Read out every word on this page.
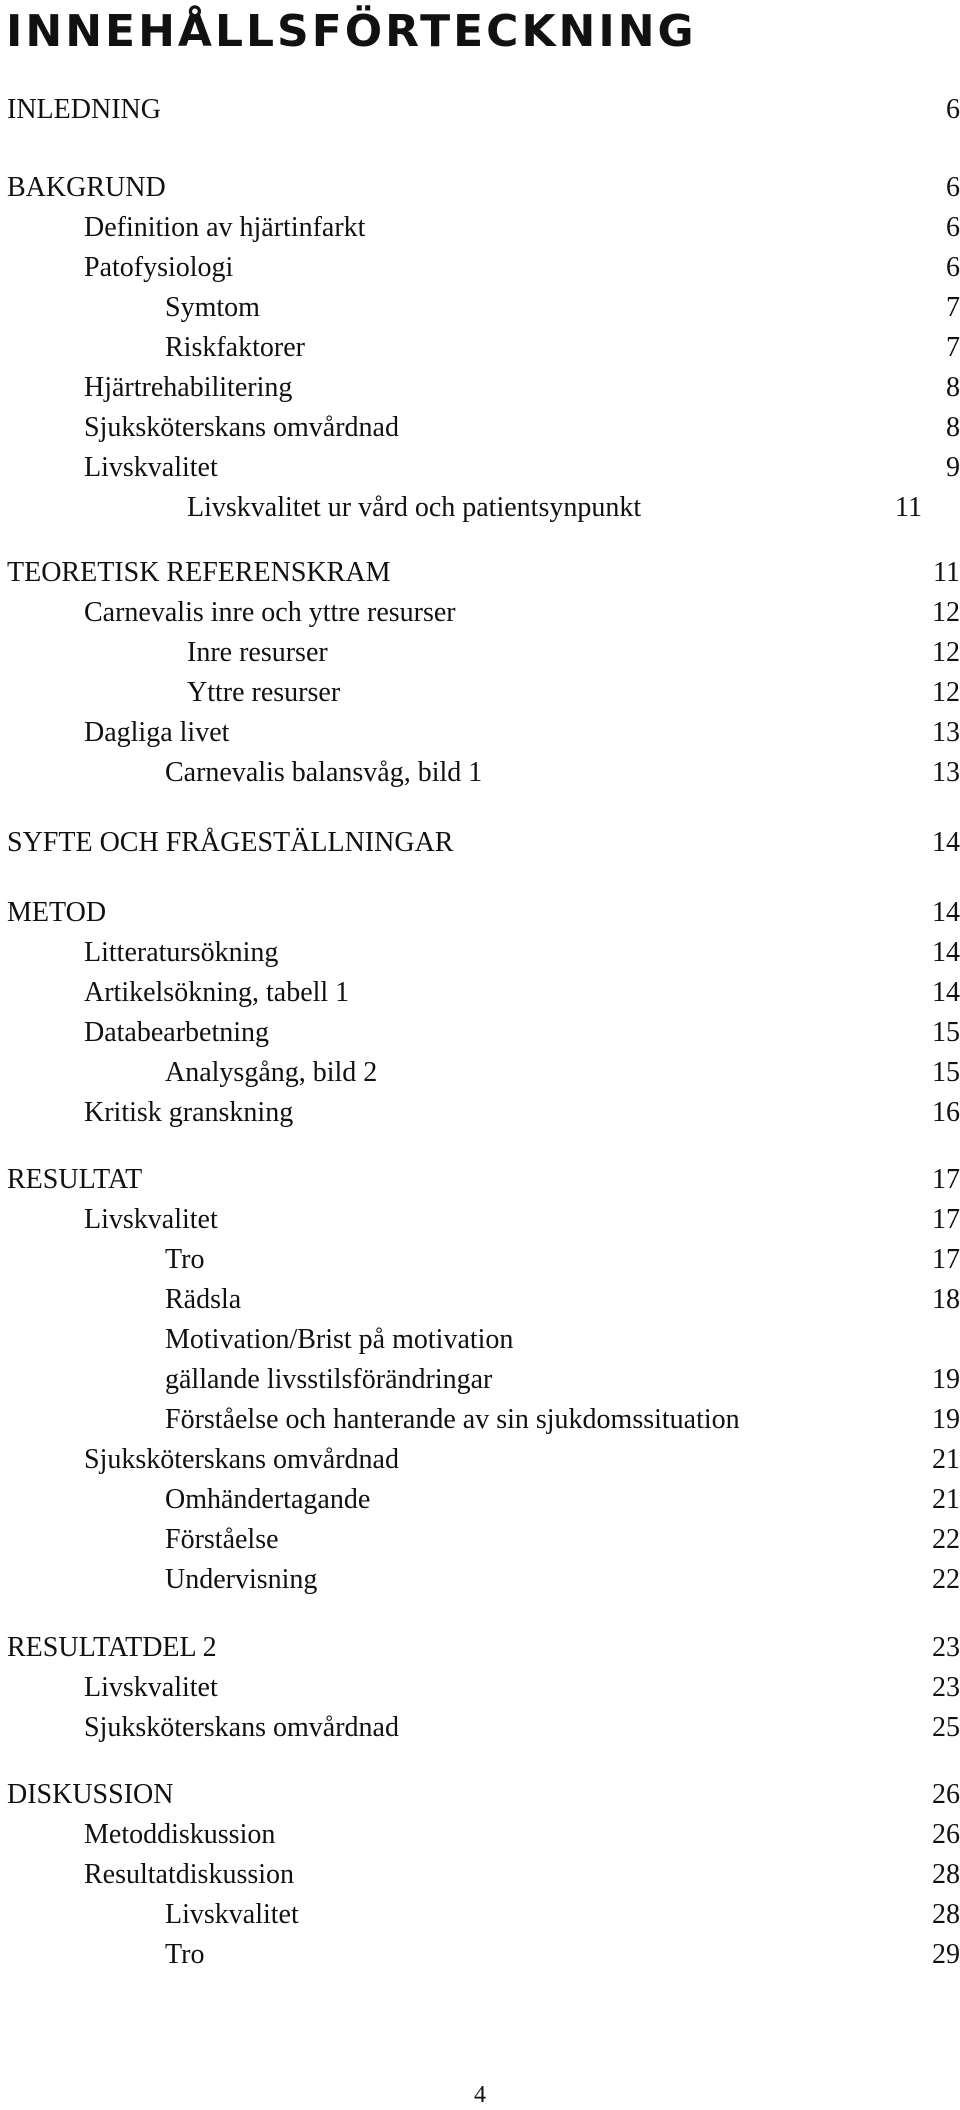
INNEHÅLLSFÖRTECKNING
INLEDNING	6
BAKGRUND	6
Definition av hjärtinfarkt	6
Patofysiologi	6
Symtom	7
Riskfaktorer	7
Hjärtrehabilitering	8
Sjuksköterskans omvårdnad	8
Livskvalitet	9
Livskvalitet ur vård och patientsynpunkt	11
TEORETISK REFERENSKRAM	11
Carnevalis inre och yttre resurser	12
Inre resurser	12
Yttre resurser	12
Dagliga livet	13
Carnevalis balansvåg, bild 1	13
SYFTE OCH FRÅGESTÄLLNINGAR	14
METOD	14
Litteratursökning	14
Artikelsökning, tabell 1	14
Databearbetning	15
Analysgång, bild 2	15
Kritisk granskning	16
RESULTAT	17
Livskvalitet	17
Tro	17
Rädsla	18
Motivation/Brist på motivation
gällande livsstilsförändringar	19
Förståelse och hanterande av sin sjukdomssituation	19
Sjuksköterskans omvårdnad	21
Omhändertagande	21
Förståelse	22
Undervisning	22
RESULTATDEL 2	23
Livskvalitet	23
Sjuksköterskans omvårdnad	25
DISKUSSION	26
Metoddiskussion	26
Resultatdiskussion	28
Livskvalitet	28
Tro	29
4
